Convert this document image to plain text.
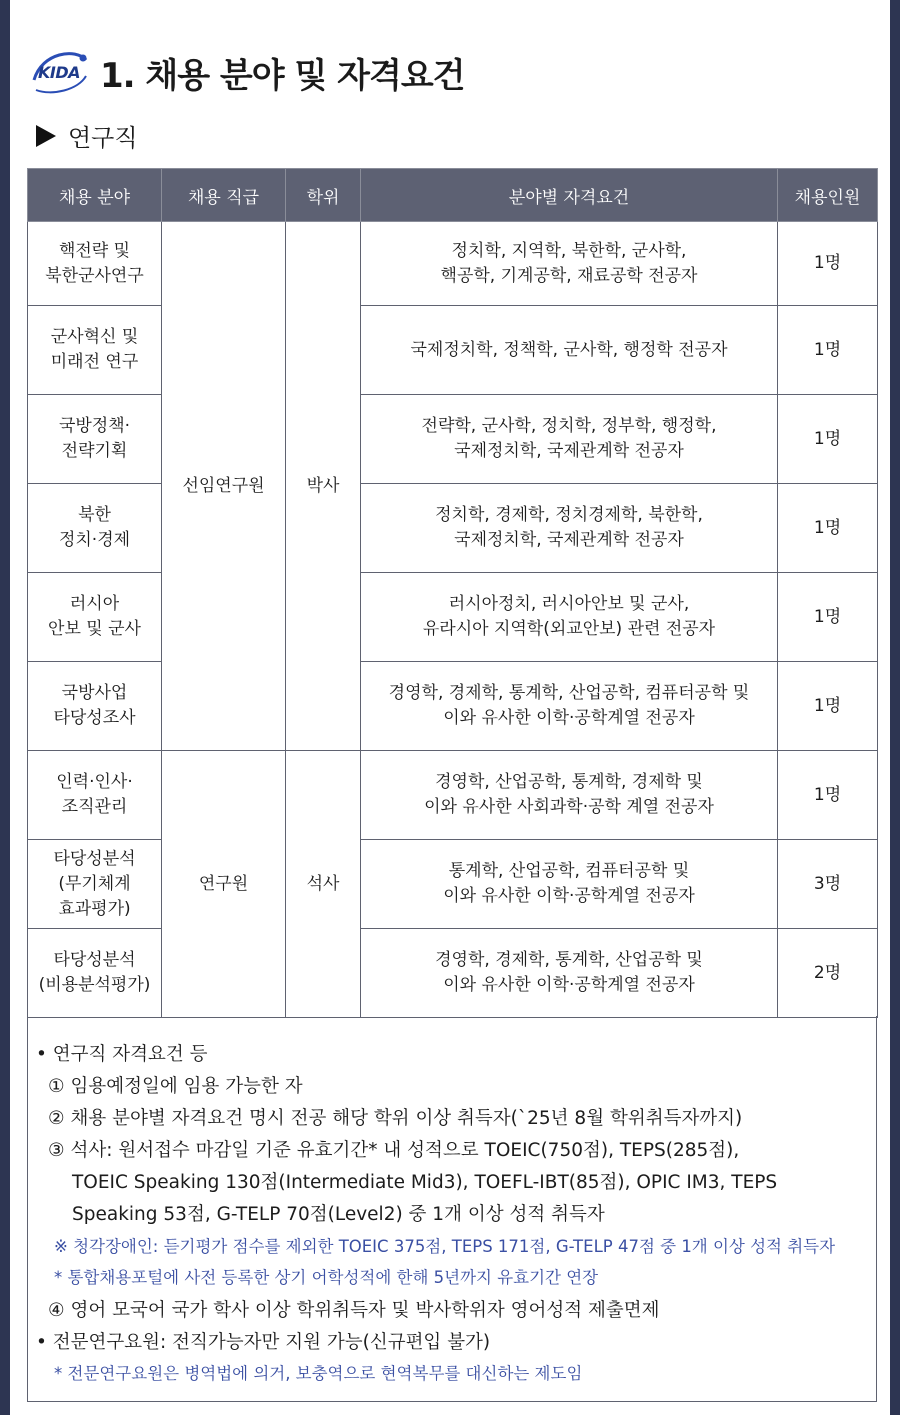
KIDA 1. 채용 분야 및 자격요건
연구직
채용 분야	채용 직급	학위	분야별 자격요건	채용인원

핵전략 및
북한군사연구	선임연구원	박사	정치학, 지역학, 북한학, 군사학,
핵공학, 기계공학, 재료공학 전공자	1명

군사혁신 및
미래전 연구			국제정치학, 정책학, 군사학, 행정학 전공자	1명

국방정책·
전략기획			전략학, 군사학, 정치학, 정부학, 행정학,
국제정치학, 국제관계학 전공자	1명

북한
정치·경제			정치학, 경제학, 정치경제학, 북한학,
국제정치학, 국제관계학 전공자	1명

러시아
안보 및 군사			러시아정치, 러시아안보 및 군사,
유라시아 지역학(외교안보) 관련 전공자	1명

국방사업
타당성조사			경영학, 경제학, 통계학, 산업공학, 컴퓨터공학 및
이와 유사한 이학·공학계열 전공자	1명

인력·인사·
조직관리	연구원	석사	경영학, 산업공학, 통계학, 경제학 및
이와 유사한 사회과학·공학 계열 전공자	1명

타당성분석
(무기체계
효과평가)			통계학, 산업공학, 컴퓨터공학 및
이와 유사한 이학·공학계열 전공자	3명

타당성분석
(비용분석평가)			경영학, 경제학, 통계학, 산업공학 및
이와 유사한 이학·공학계열 전공자	2명
• 연구직 자격요건 등
① 임용예정일에 임용 가능한 자
② 채용 분야별 자격요건 명시 전공 해당 학위 이상 취득자(`25년 8월 학위취득자까지)
③ 석사: 원서접수 마감일 기준 유효기간* 내 성적으로 TOEIC(750점), TEPS(285점),
TOEIC Speaking 130점(Intermediate Mid3), TOEFL-IBT(85점), OPIC IM3, TEPS
Speaking 53점, G-TELP 70점(Level2) 중 1개 이상 성적 취득자
※ 청각장애인: 듣기평가 점수를 제외한 TOEIC 375점, TEPS 171점, G-TELP 47점 중 1개 이상 성적 취득자
* 통합채용포털에 사전 등록한 상기 어학성적에 한해 5년까지 유효기간 연장
④ 영어 모국어 국가 학사 이상 학위취득자 및 박사학위자 영어성적 제출면제
• 전문연구요원: 전직가능자만 지원 가능(신규편입 불가)
* 전문연구요원은 병역법에 의거, 보충역으로 현역복무를 대신하는 제도임
